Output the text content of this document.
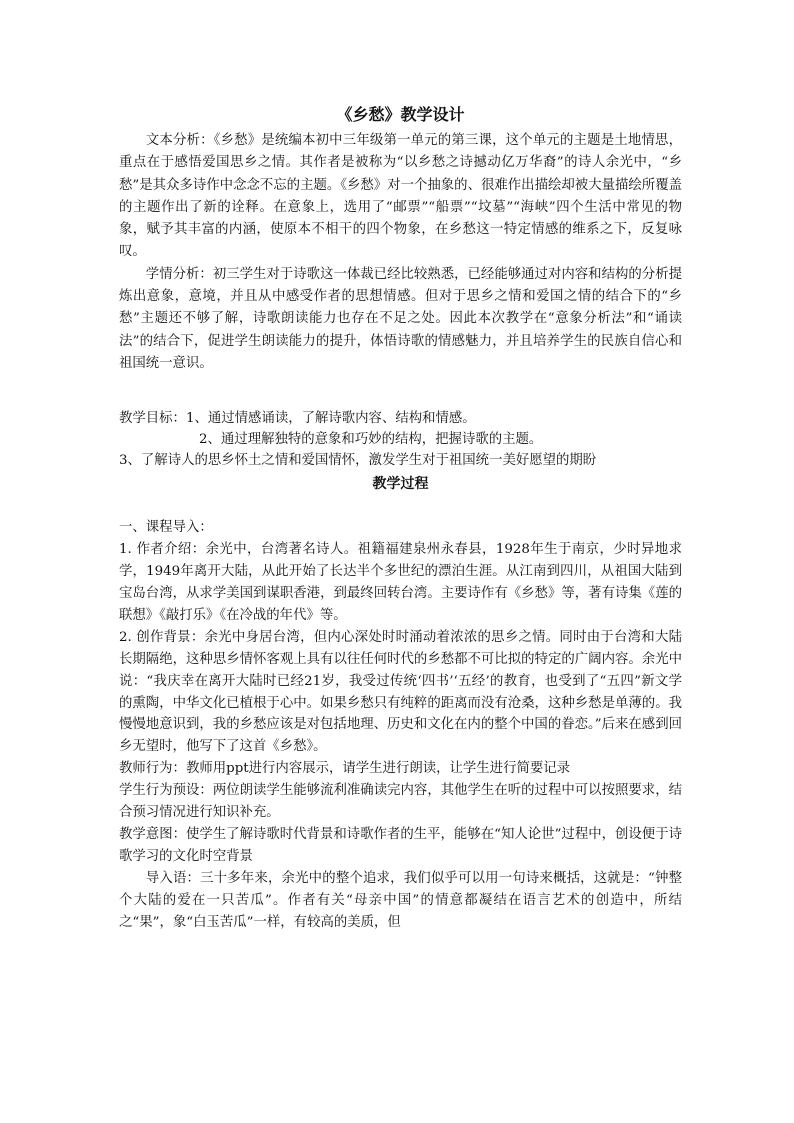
《乡愁》教学设计

文本分析：《乡愁》是统编本初中三年级第一单元的第三课，这个单元的主题是土地情思，重点在于感悟爱国思乡之情。其作者是被称为“以乡愁之诗撼动亿万华裔”的诗人余光中，“乡愁”是其众多诗作中念念不忘的主题。《乡愁》对一个抽象的、很难作出描绘却被大量描绘所覆盖的主题作出了新的诠释。在意象上，选用了“邮票”“船票”“坟墓”“海峡”四个生活中常见的物象，赋予其丰富的内涵，使原本不相干的四个物象，在乡愁这一特定情感的维系之下，反复咏叹。

学情分析：初三学生对于诗歌这一体裁已经比较熟悉，已经能够通过对内容和结构的分析提炼出意象，意境，并且从中感受作者的思想情感。但对于思乡之情和爱国之情的结合下的“乡愁”主题还不够了解，诗歌朗读能力也存在不足之处。因此本次教学在“意象分析法”和“诵读法”的结合下，促进学生朗读能力的提升，体悟诗歌的情感魅力，并且培养学生的民族自信心和祖国统一意识。

教学目标：1、通过情感诵读，了解诗歌内容、结构和情感。

2、通过理解独特的意象和巧妙的结构，把握诗歌的主题。

3、了解诗人的思乡怀土之情和爱国情怀，激发学生对于祖国统一美好愿望的期盼

教学过程

一、课程导入：

1. 作者介绍：余光中，台湾著名诗人。祖籍福建泉州永春县，1928年生于南京，少时异地求学，1949年离开大陆，从此开始了长达半个多世纪的漂泊生涯。从江南到四川，从祖国大陆到宝岛台湾，从求学美国到谋职香港，到最终回转台湾。主要诗作有《乡愁》等，著有诗集《莲的联想》《敲打乐》《在冷战的年代》等。

2. 创作背景：余光中身居台湾，但内心深处时时涌动着浓浓的思乡之情。同时由于台湾和大陆长期隔绝，这种思乡情怀客观上具有以往任何时代的乡愁都不可比拟的特定的广阔内容。余光中说：“我庆幸在离开大陆时已经21岁，我受过传统‘四书’‘五经’的教育，也受到了“五四”新文学的熏陶，中华文化已植根于心中。如果乡愁只有纯粹的距离而没有沧桑，这种乡愁是单薄的。我慢慢地意识到，我的乡愁应该是对包括地理、历史和文化在内的整个中国的眷恋。”后来在感到回乡无望时，他写下了这首《乡愁》。

教师行为：教师用ppt进行内容展示，请学生进行朗读，让学生进行简要记录

学生行为预设：两位朗读学生能够流利准确读完内容，其他学生在听的过程中可以按照要求，结合预习情况进行知识补充。

教学意图：使学生了解诗歌时代背景和诗歌作者的生平，能够在“知人论世”过程中，创设便于诗歌学习的文化时空背景

导入语：三十多年来，余光中的整个追求，我们似乎可以用一句诗来概括，这就是：“钟整个大陆的爱在一只苦瓜”。作者有关“母亲中国”的情意都凝结在语言艺术的创造中，所结之“果”，象“白玉苦瓜”一样，有较高的美质，但
